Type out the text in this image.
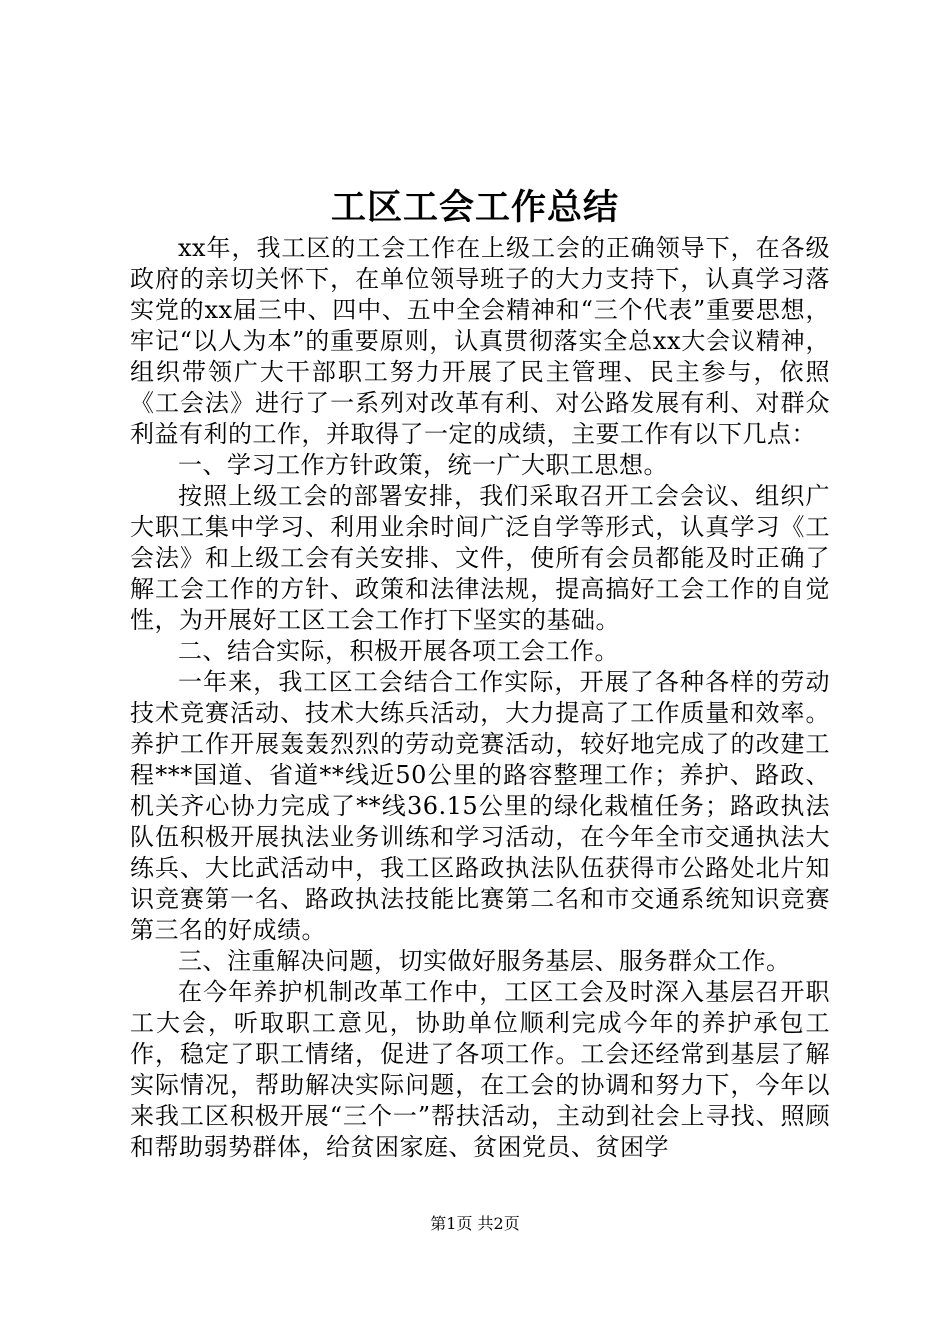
工区工会工作总结

xx年，我工区的工会工作在上级工会的正确领导下，在各级政府的亲切关怀下，在单位领导班子的大力支持下，认真学习落实党的xx届三中、四中、五中全会精神和“三个代表”重要思想，牢记“以人为本”的重要原则，认真贯彻落实全总xx大会议精神，组织带领广大干部职工努力开展了民主管理、民主参与，依照《工会法》进行了一系列对改革有利、对公路发展有利、对群众利益有利的工作，并取得了一定的成绩，主要工作有以下几点：

一、学习工作方针政策，统一广大职工思想。

按照上级工会的部署安排，我们采取召开工会会议、组织广大职工集中学习、利用业余时间广泛自学等形式，认真学习《工会法》和上级工会有关安排、文件，使所有会员都能及时正确了解工会工作的方针、政策和法律法规，提高搞好工会工作的自觉性，为开展好工区工会工作打下坚实的基础。

二、结合实际，积极开展各项工会工作。

一年来，我工区工会结合工作实际，开展了各种各样的劳动技术竞赛活动、技术大练兵活动，大力提高了工作质量和效率。养护工作开展轰轰烈烈的劳动竞赛活动，较好地完成了的改建工程***国道、省道**线近50公里的路容整理工作；养护、路政、机关齐心协力完成了**线36.15公里的绿化栽植任务；路政执法队伍积极开展执法业务训练和学习活动，在今年全市交通执法大练兵、大比武活动中，我工区路政执法队伍获得市公路处北片知识竞赛第一名、路政执法技能比赛第二名和市交通系统知识竞赛第三名的好成绩。

三、注重解决问题，切实做好服务基层、服务群众工作。

在今年养护机制改革工作中，工区工会及时深入基层召开职工大会，听取职工意见，协助单位顺利完成今年的养护承包工作，稳定了职工情绪，促进了各项工作。工会还经常到基层了解实际情况，帮助解决实际问题，在工会的协调和努力下，今年以来我工区积极开展“三个一”帮扶活动，主动到社会上寻找、照顾和帮助弱势群体，给贫困家庭、贫困党员、贫困学

第1页 共2页
